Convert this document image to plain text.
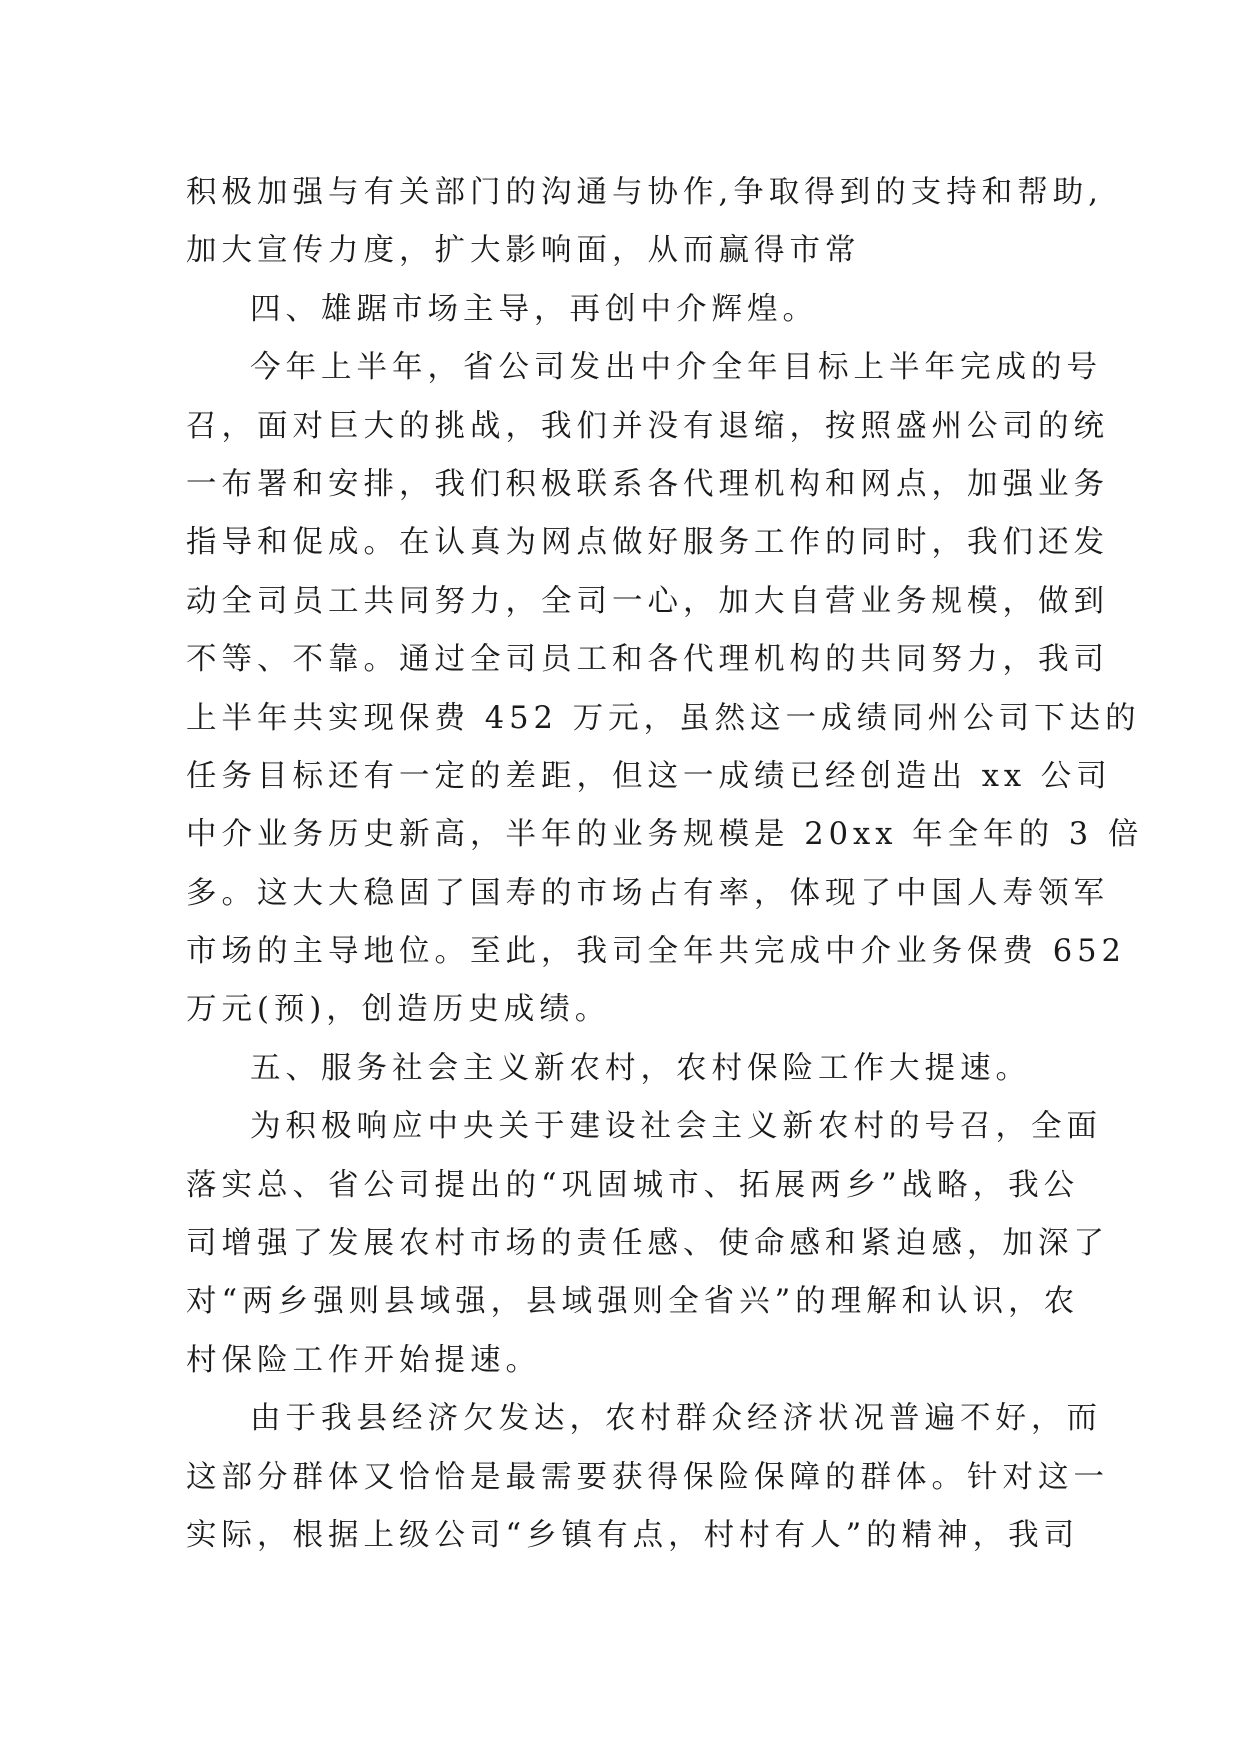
积极加强与有关部门的沟通与协作,争取得到的支持和帮助,
加大宣传力度，扩大影响面，从而赢得市常
四、雄踞市场主导，再创中介辉煌。
今年上半年，省公司发出中介全年目标上半年完成的号
召，面对巨大的挑战，我们并没有退缩，按照盛州公司的统
一布署和安排，我们积极联系各代理机构和网点，加强业务
指导和促成。在认真为网点做好服务工作的同时，我们还发
动全司员工共同努力，全司一心，加大自营业务规模，做到
不等、不靠。通过全司员工和各代理机构的共同努力，我司
上半年共实现保费 452 万元，虽然这一成绩同州公司下达的
任务目标还有一定的差距，但这一成绩已经创造出 xx 公司
中介业务历史新高，半年的业务规模是 20xx 年全年的 3 倍
多。这大大稳固了国寿的市场占有率，体现了中国人寿领军
市场的主导地位。至此，我司全年共完成中介业务保费 652
万元(预)，创造历史成绩。
五、服务社会主义新农村，农村保险工作大提速。
为积极响应中央关于建设社会主义新农村的号召，全面
落实总、省公司提出的“巩固城市、拓展两乡”战略，我公
司增强了发展农村市场的责任感、使命感和紧迫感，加深了
对“两乡强则县域强，县域强则全省兴”的理解和认识，农
村保险工作开始提速。
由于我县经济欠发达，农村群众经济状况普遍不好，而
这部分群体又恰恰是最需要获得保险保障的群体。针对这一
实际，根据上级公司“乡镇有点，村村有人”的精神，我司
